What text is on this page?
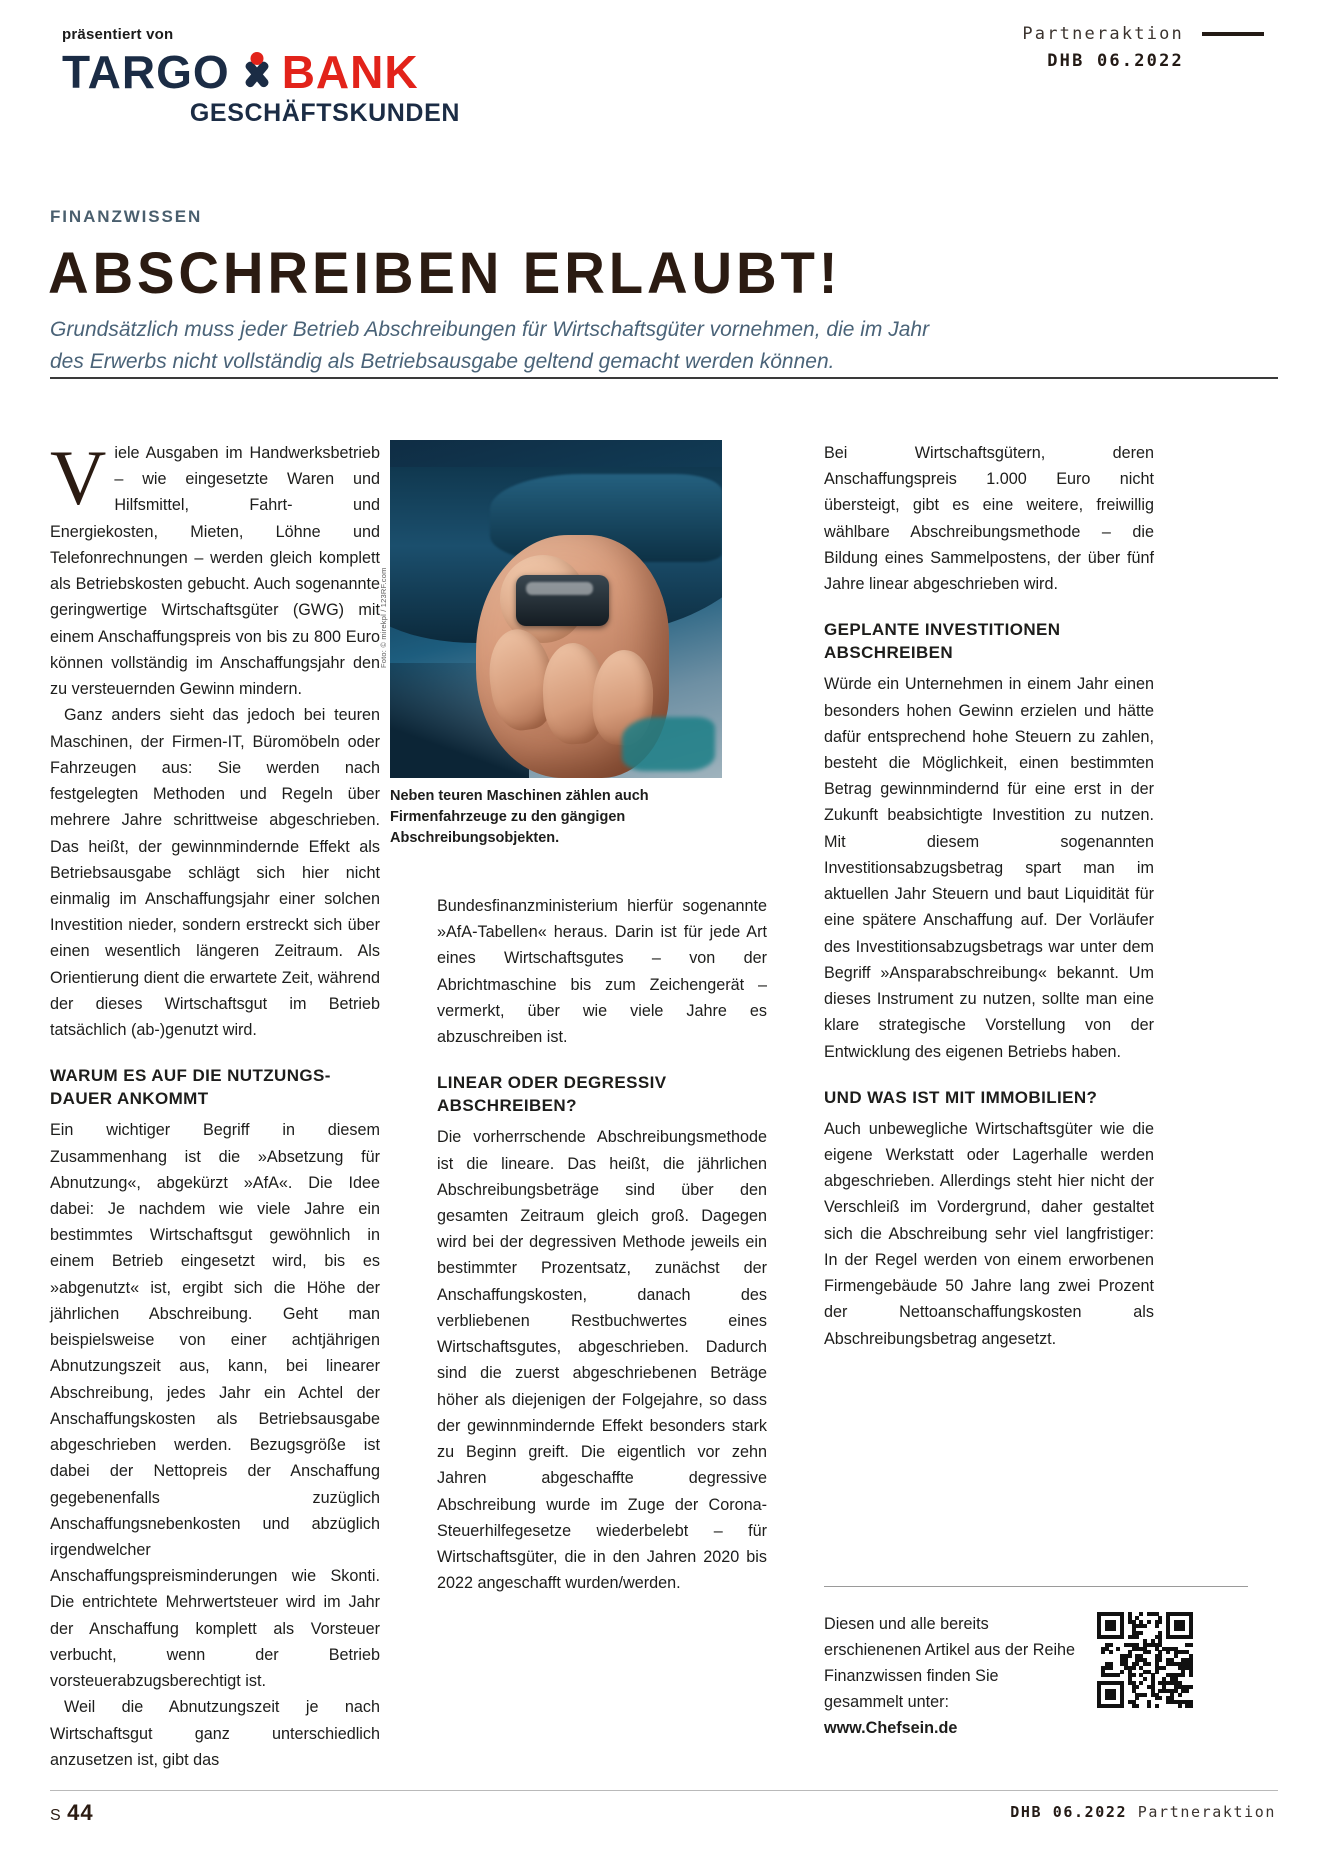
präsentiert von
TARGO BANK
GESCHÄFTSKUNDEN
Partneraktion
DHB 06.2022
FINANZWISSEN
ABSCHREIBEN ERLAUBT!
Grundsätzlich muss jeder Betrieb Abschreibungen für Wirtschaftsgüter vornehmen, die im Jahr des Erwerbs nicht vollständig als Betriebsausgabe geltend gemacht werden können.
Foto: © mirekpl / 123RF.com
Neben teuren Maschinen zählen auch Firmenfahrzeuge zu den gängigen Abschreibungsobjekten.

Viele Ausgaben im Handwerksbetrieb – wie eingesetzte Waren und Hilfsmittel, Fahrt- und Energiekosten, Mieten, Löhne und Telefonrechnungen – werden gleich komplett als Betriebskosten gebucht. Auch sogenannte geringwertige Wirtschaftsgüter (GWG) mit einem Anschaffungspreis von bis zu 800 Euro können vollständig im Anschaffungsjahr den zu versteuernden Gewinn mindern.

Ganz anders sieht das jedoch bei teuren Maschinen, der Firmen-IT, Büromöbeln oder Fahrzeugen aus: Sie werden nach festgelegten Methoden und Regeln über mehrere Jahre schrittweise abgeschrieben. Das heißt, der gewinnmindernde Effekt als Betriebsausgabe schlägt sich hier nicht einmalig im Anschaffungsjahr einer solchen Investition nieder, sondern erstreckt sich über einen wesentlich längeren Zeitraum. Als Orientierung dient die erwartete Zeit, während der dieses Wirtschaftsgut im Betrieb tatsächlich (ab-)genutzt wird.

WARUM ES AUF DIE NUTZUNGS-DAUER ANKOMMT

Ein wichtiger Begriff in diesem Zusammenhang ist die »Absetzung für Abnutzung«, abgekürzt »AfA«. Die Idee dabei: Je nachdem wie viele Jahre ein bestimmtes Wirtschaftsgut gewöhnlich in einem Betrieb eingesetzt wird, bis es »abgenutzt« ist, ergibt sich die Höhe der jährlichen Abschreibung. Geht man beispielsweise von einer achtjährigen Abnutzungszeit aus, kann, bei linearer Abschreibung, jedes Jahr ein Achtel der Anschaffungskosten als Betriebsausgabe abgeschrieben werden. Bezugsgröße ist dabei der Nettopreis der Anschaffung gegebenenfalls zuzüglich Anschaffungsnebenkosten und abzüglich irgendwelcher Anschaffungspreisminderungen wie Skonti. Die entrichtete Mehrwertsteuer wird im Jahr der Anschaffung komplett als Vorsteuer verbucht, wenn der Betrieb vorsteuerabzugsberechtigt ist.

Weil die Abnutzungszeit je nach Wirtschaftsgut ganz unterschiedlich anzusetzen ist, gibt das

Bundesfinanzministerium hierfür sogenannte »AfA-Tabellen« heraus. Darin ist für jede Art eines Wirtschaftsgutes – von der Abrichtmaschine bis zum Zeichengerät – vermerkt, über wie viele Jahre es abzuschreiben ist.

LINEAR ODER DEGRESSIV ABSCHREIBEN?

Die vorherrschende Abschreibungsmethode ist die lineare. Das heißt, die jährlichen Abschreibungsbeträge sind über den gesamten Zeitraum gleich groß. Dagegen wird bei der degressiven Methode jeweils ein bestimmter Prozentsatz, zunächst der Anschaffungskosten, danach des verbliebenen Restbuchwertes eines Wirtschaftsgutes, abgeschrieben. Dadurch sind die zuerst abgeschriebenen Beträge höher als diejenigen der Folgejahre, so dass der gewinnmindernde Effekt besonders stark zu Beginn greift. Die eigentlich vor zehn Jahren abgeschaffte degressive Abschreibung wurde im Zuge der Corona-Steuerhilfegesetze wiederbelebt – für Wirtschaftsgüter, die in den Jahren 2020 bis 2022 angeschafft wurden/werden.

Bei Wirtschaftsgütern, deren Anschaffungspreis 1.000 Euro nicht übersteigt, gibt es eine weitere, freiwillig wählbare Abschreibungsmethode – die Bildung eines Sammelpostens, der über fünf Jahre linear abgeschrieben wird.

GEPLANTE INVESTITIONEN ABSCHREIBEN

Würde ein Unternehmen in einem Jahr einen besonders hohen Gewinn erzielen und hätte dafür entsprechend hohe Steuern zu zahlen, besteht die Möglichkeit, einen bestimmten Betrag gewinnmindernd für eine erst in der Zukunft beabsichtigte Investition zu nutzen. Mit diesem sogenannten Investitionsabzugsbetrag spart man im aktuellen Jahr Steuern und baut Liquidität für eine spätere Anschaffung auf. Der Vorläufer des Investitionsabzugsbetrags war unter dem Begriff »Ansparabschreibung« bekannt. Um dieses Instrument zu nutzen, sollte man eine klare strategische Vorstellung von der Entwicklung des eigenen Betriebs haben.

UND WAS IST MIT IMMOBILIEN?

Auch unbewegliche Wirtschaftsgüter wie die eigene Werkstatt oder Lagerhalle werden abgeschrieben. Allerdings steht hier nicht der Verschleiß im Vordergrund, daher gestaltet sich die Abschreibung sehr viel langfristiger: In der Regel werden von einem erworbenen Firmengebäude 50 Jahre lang zwei Prozent der Nettoanschaffungskosten als Abschreibungsbetrag angesetzt.

Diesen und alle bereits erschienenen Artikel aus der Reihe Finanzwissen finden Sie gesammelt unter: www.Chefsein.de
S 44	DHB 06.2022 Partneraktion
